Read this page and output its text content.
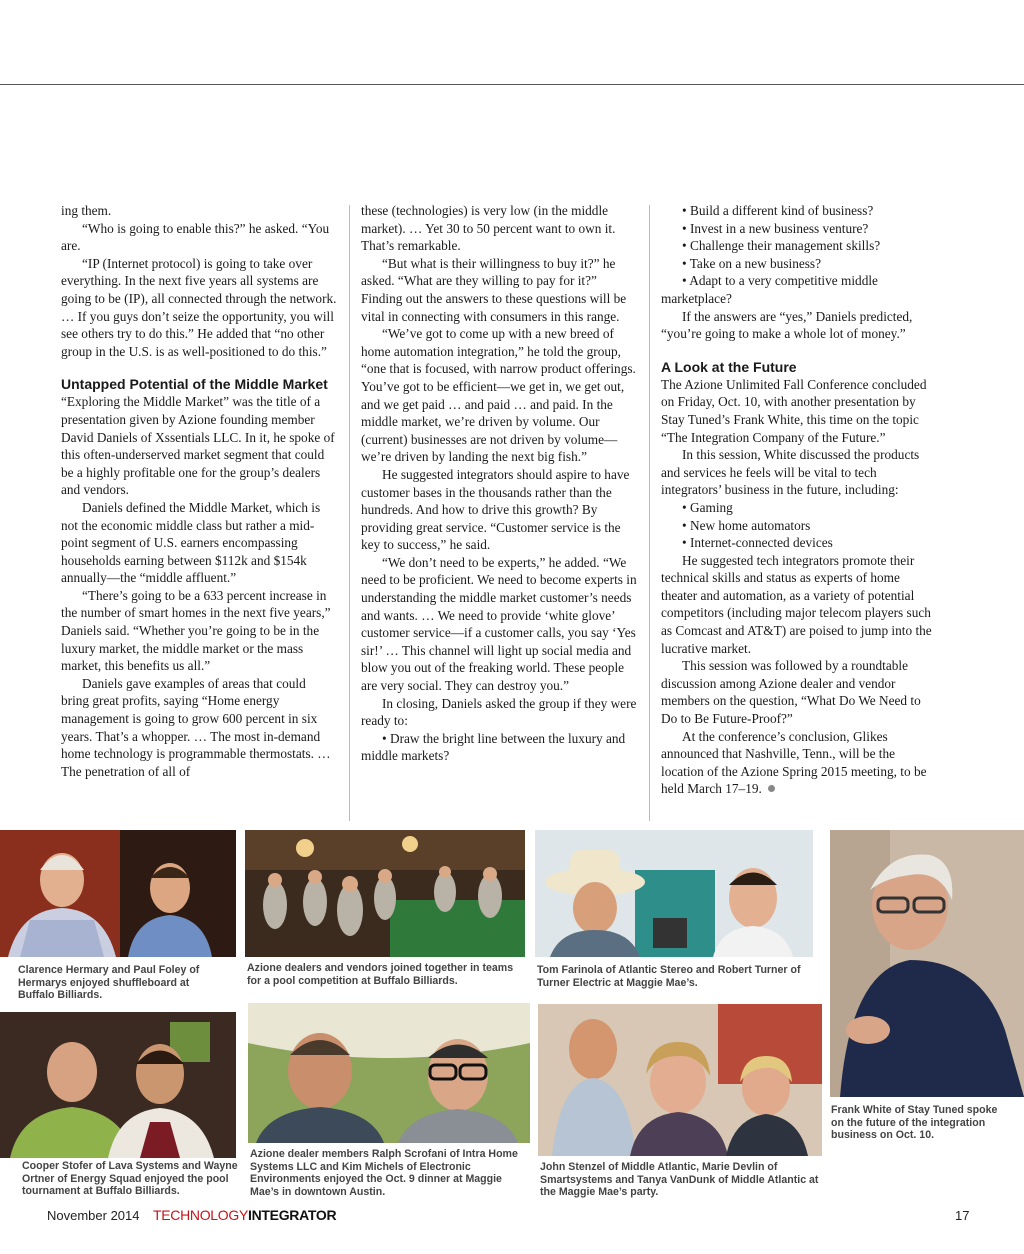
ing them.

“Who is going to enable this?” he asked. “You are.

“IP (Internet protocol) is going to take over everything. In the next five years all systems are going to be (IP), all connected through the network. … If you guys don’t seize the opportunity, you will see others try to do this.” He added that “no other group in the U.S. is as well-positioned to do this.”

Untapped Potential of the Middle Market

“Exploring the Middle Market” was the title of a presentation given by Azione founding member David Daniels of Xssentials LLC. In it, he spoke of this often-underserved market segment that could be a highly profitable one for the group’s dealers and vendors.

Daniels defined the Middle Market, which is not the economic middle class but rather a mid-point segment of U.S. earners encompassing households earning between $112k and $154k annually—the “middle affluent.”

“There’s going to be a 633 percent increase in the number of smart homes in the next five years,” Daniels said. “Whether you’re going to be in the luxury market, the middle market or the mass market, this benefits us all.”

Daniels gave examples of areas that could bring great profits, saying “Home energy management is going to grow 600 percent in six years. That’s a whopper. … The most in-demand home technology is programmable thermostats. … The penetration of all of

these (technologies) is very low (in the middle market). … Yet 30 to 50 percent want to own it. That’s remarkable.

“But what is their willingness to buy it?” he asked. “What are they willing to pay for it?” Finding out the answers to these questions will be vital in connecting with consumers in this range.

“We’ve got to come up with a new breed of home automation integration,” he told the group, “one that is focused, with narrow product offerings. You’ve got to be efficient—we get in, we get out, and we get paid … and paid … and paid. In the middle market, we’re driven by volume. Our (current) businesses are not driven by volume—we’re driven by landing the next big fish.”

He suggested integrators should aspire to have customer bases in the thousands rather than the hundreds. And how to drive this growth? By providing great service. “Customer service is the key to success,” he said.

“We don’t need to be experts,” he added. “We need to be proficient. We need to become experts in understanding the middle market customer’s needs and wants. … We need to provide ‘white glove’ customer service—if a customer calls, you say ‘Yes sir!’ … This channel will light up social media and blow you out of the freaking world. These people are very social. They can destroy you.”

In closing, Daniels asked the group if they were ready to:

• Draw the bright line between the luxury and middle markets?

• Build a different kind of business?

• Invest in a new business venture?

• Challenge their management skills?

• Take on a new business?

• Adapt to a very competitive middle marketplace?

If the answers are “yes,” Daniels predicted, “you’re going to make a whole lot of money.”

A Look at the Future

The Azione Unlimited Fall Conference concluded on Friday, Oct. 10, with another presentation by Stay Tuned’s Frank White, this time on the topic “The Integration Company of the Future.”

In this session, White discussed the products and services he feels will be vital to tech integrators’ business in the future, including:

• Gaming

• New home automators

• Internet-connected devices

He suggested tech integrators promote their technical skills and status as experts of home theater and automation, as a variety of potential competitors (including major telecom players such as Comcast and AT&T) are poised to jump into the lucrative market.

This session was followed by a roundtable discussion among Azione dealer and vendor members on the question, “What Do We Need to Do to Be Future-Proof?”

At the conference’s conclusion, Glikes announced that Nashville, Tenn., will be the location of the Azione Spring 2015 meeting, to be held March 17–19.

Clarence Hermary and Paul Foley of Hermarys enjoyed shuffleboard at Buffalo Billiards.
Azione dealers and vendors joined together in teams for a pool competition at Buffalo Billiards.
Tom Farinola of Atlantic Stereo and Robert Turner of Turner Electric at Maggie Mae’s.
Frank White of Stay Tuned spoke on the future of the integration business on Oct. 10.
Cooper Stofer of Lava Systems and Wayne Ortner of Energy Squad enjoyed the pool tournament at Buffalo Billiards.
Azione dealer members Ralph Scrofani of Intra Home Systems LLC and Kim Michels of Electronic Environments enjoyed the Oct. 9 dinner at Maggie Mae’s in downtown Austin.
John Stenzel of Middle Atlantic, Marie Devlin of Smartsystems and Tanya VanDunk of Middle Atlantic at the Maggie Mae’s party.
November 2014 TECHNOLOGYINTEGRATOR	17
